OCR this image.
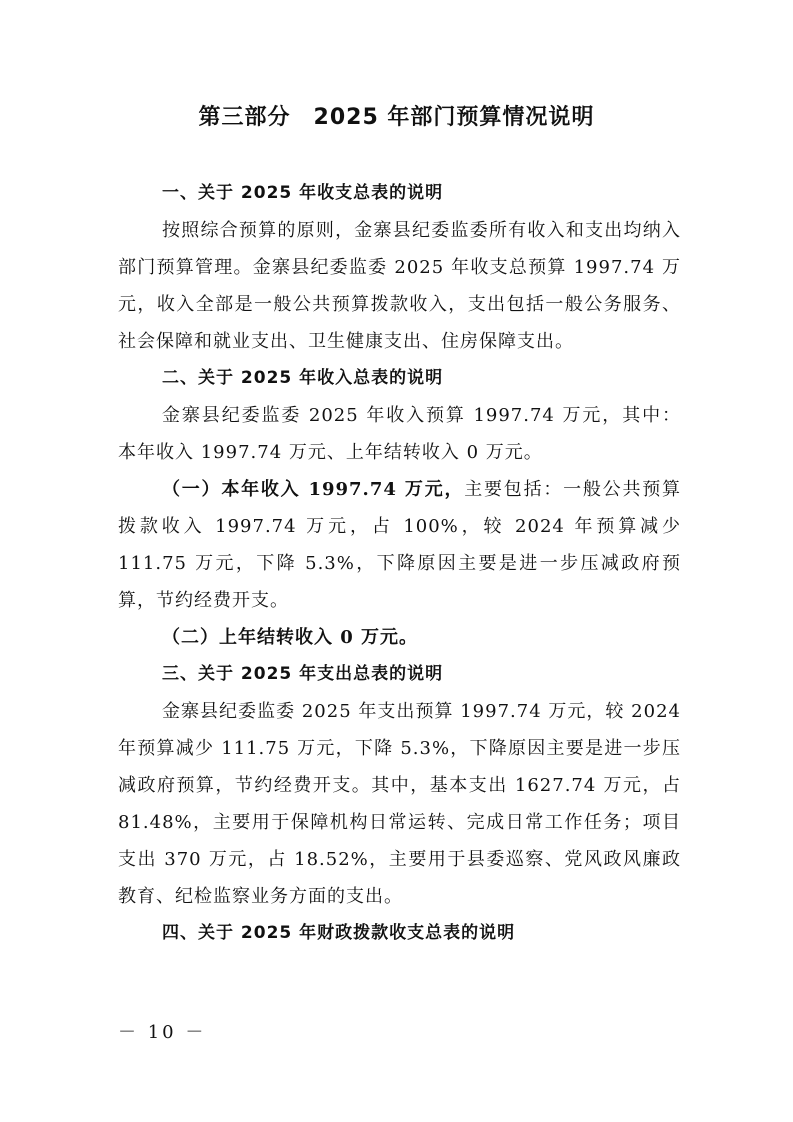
第三部分　2025 年部门预算情况说明

一、关于 2025 年收支总表的说明

按照综合预算的原则，金寨县纪委监委所有收入和支出均纳入部门预算管理。金寨县纪委监委 2025 年收支总预算 1997.74 万元，收入全部是一般公共预算拨款收入，支出包括一般公务服务、社会保障和就业支出、卫生健康支出、住房保障支出。

二、关于 2025 年收入总表的说明

金寨县纪委监委 2025 年收入预算 1997.74 万元，其中：本年收入 1997.74 万元、上年结转收入 0 万元。

（一）本年收入 1997.74 万元，主要包括：一般公共预算拨款收入 1997.74 万元，占 100%，较 2024 年预算减少 111.75 万元，下降 5.3%，下降原因主要是进一步压减政府预算，节约经费开支。

（二）上年结转收入 0 万元。

三、关于 2025 年支出总表的说明

金寨县纪委监委 2025 年支出预算 1997.74 万元，较 2024 年预算减少 111.75 万元，下降 5.3%，下降原因主要是进一步压减政府预算，节约经费开支。其中，基本支出 1627.74 万元，占 81.48%，主要用于保障机构日常运转、完成日常工作任务；项目支出 370 万元，占 18.52%，主要用于县委巡察、党风政风廉政教育、纪检监察业务方面的支出。

四、关于 2025 年财政拨款收支总表的说明

－ 10 －
